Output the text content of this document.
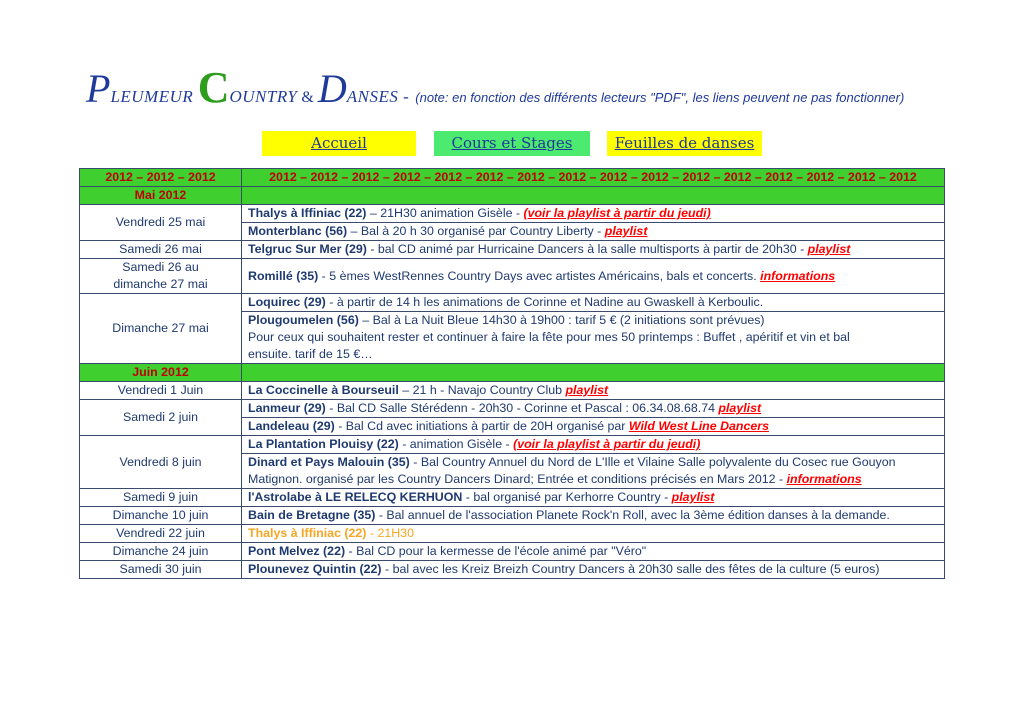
PLEUMEUR COUNTRY & DANSES - (note: en fonction des différents lecteurs "PDF", les liens peuvent ne pas fonctionner)
Accueil	Cours et Stages	Feuilles de danses
2012 – 2012 – 2012	2012 – 2012 – 2012 – 2012 – 2012 – 2012 – 2012 – 2012 – 2012 – 2012 – 2012 – 2012 – 2012 – 2012 – 2012 – 2012
Mai 2012	
Vendredi 25 mai	Thalys à Iffiniac (22) – 21H30 animation Gisèle - (voir la playlist à partir du jeudi)
	Monterblanc (56) – Bal à 20 h 30 organisé par Country Liberty - playlist
Samedi 26 mai	Telgruc Sur Mer (29) - bal CD animé par Hurricaine Dancers à la salle multisports à partir de 20h30 - playlist
Samedi 26 au
dimanche 27 mai	Romillé (35) - 5 èmes WestRennes Country Days avec artistes Américains, bals et concerts. informations
Dimanche 27 mai	Loquirec (29) - à partir de 14 h les animations de Corinne et Nadine au Gwaskell à Kerboulic.
	Plougoumelen (56) – Bal à La Nuit Bleue 14h30 à 19h00 : tarif 5 € (2 initiations sont prévues)
Pour ceux qui souhaitent rester et continuer à faire la fête pour mes 50 printemps : Buffet , apéritif et vin et bal
ensuite. tarif de 15 €…
Juin 2012	
Vendredi 1 Juin	La Coccinelle à Bourseuil – 21 h - Navajo Country Club playlist
Samedi 2 juin	Lanmeur (29) - Bal CD Salle Stérédenn - 20h30 - Corinne et Pascal : 06.34.08.68.74 playlist
	Landeleau (29) - Bal Cd avec initiations à partir de 20H organisé par Wild West Line Dancers
Vendredi 8 juin	La Plantation Plouisy (22) - animation Gisèle - (voir la playlist à partir du jeudi)
	Dinard et Pays Malouin (35) - Bal Country Annuel du Nord de L'Ille et Vilaine Salle polyvalente du Cosec rue Gouyon
Matignon. organisé par les Country Dancers Dinard; Entrée et conditions précisés en Mars 2012 - informations
Samedi 9 juin	l'Astrolabe à LE RELECQ KERHUON - bal organisé par Kerhorre Country - playlist
Dimanche 10 juin	Bain de Bretagne (35) - Bal annuel de l'association Planete Rock'n Roll, avec la 3ème édition danses à la demande.
Vendredi 22 juin	Thalys à Iffiniac (22) - 21H30
Dimanche 24 juin	Pont Melvez (22) - Bal CD pour la kermesse de l'école animé par "Véro"
Samedi 30 juin	Plounevez Quintin (22) - bal avec les Kreiz Breizh Country Dancers à 20h30 salle des fêtes de la culture (5 euros)
